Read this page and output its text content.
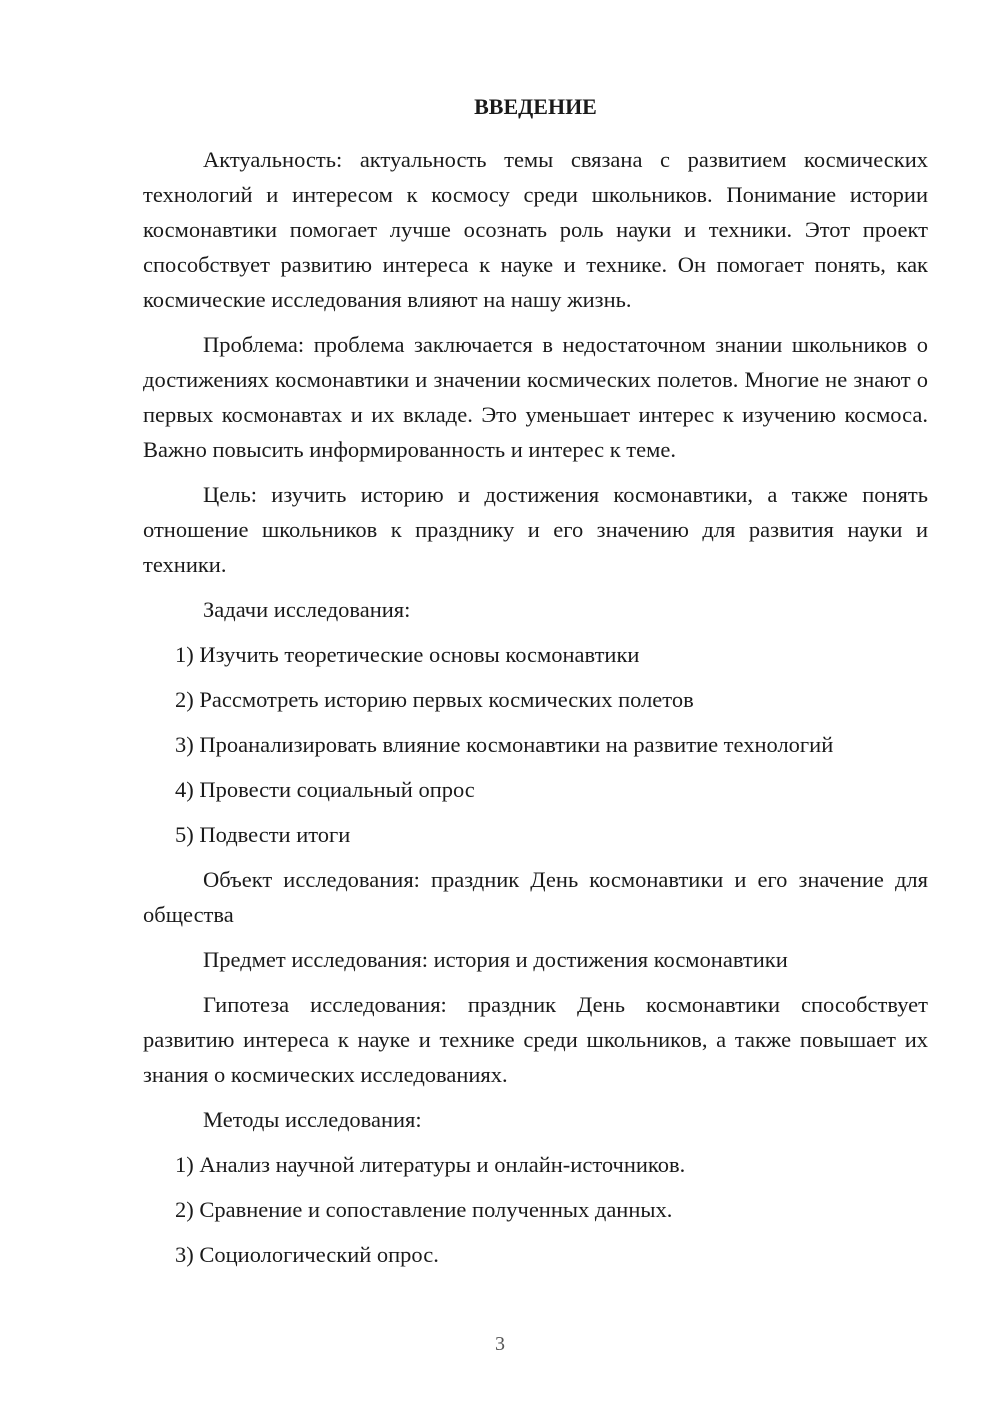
ВВЕДЕНИЕ

Актуальность: актуальность темы связана с развитием космических технологий и интересом к космосу среди школьников. Понимание истории космонавтики помогает лучше осознать роль науки и техники. Этот проект способствует развитию интереса к науке и технике. Он помогает понять, как космические исследования влияют на нашу жизнь.

Проблема: проблема заключается в недостаточном знании школьников о достижениях космонавтики и значении космических полетов. Многие не знают о первых космонавтах и их вкладе. Это уменьшает интерес к изучению космоса. Важно повысить информированность и интерес к теме.

Цель: изучить историю и достижения космонавтики, а также понять отношение школьников к празднику и его значению для развития науки и техники.

Задачи исследования:

1) Изучить теоретические основы космонавтики
2) Рассмотреть историю первых космических полетов
3) Проанализировать влияние космонавтики на развитие технологий
4) Провести социальный опрос
5) Подвести итоги

Объект исследования: праздник День космонавтики и его значение для общества

Предмет исследования: история и достижения космонавтики

Гипотеза исследования: праздник День космонавтики способствует развитию интереса к науке и технике среди школьников, а также повышает их знания о космических исследованиях.

Методы исследования:

1) Анализ научной литературы и онлайн-источников.
2) Сравнение и сопоставление полученных данных.
3) Социологический опрос.
3
